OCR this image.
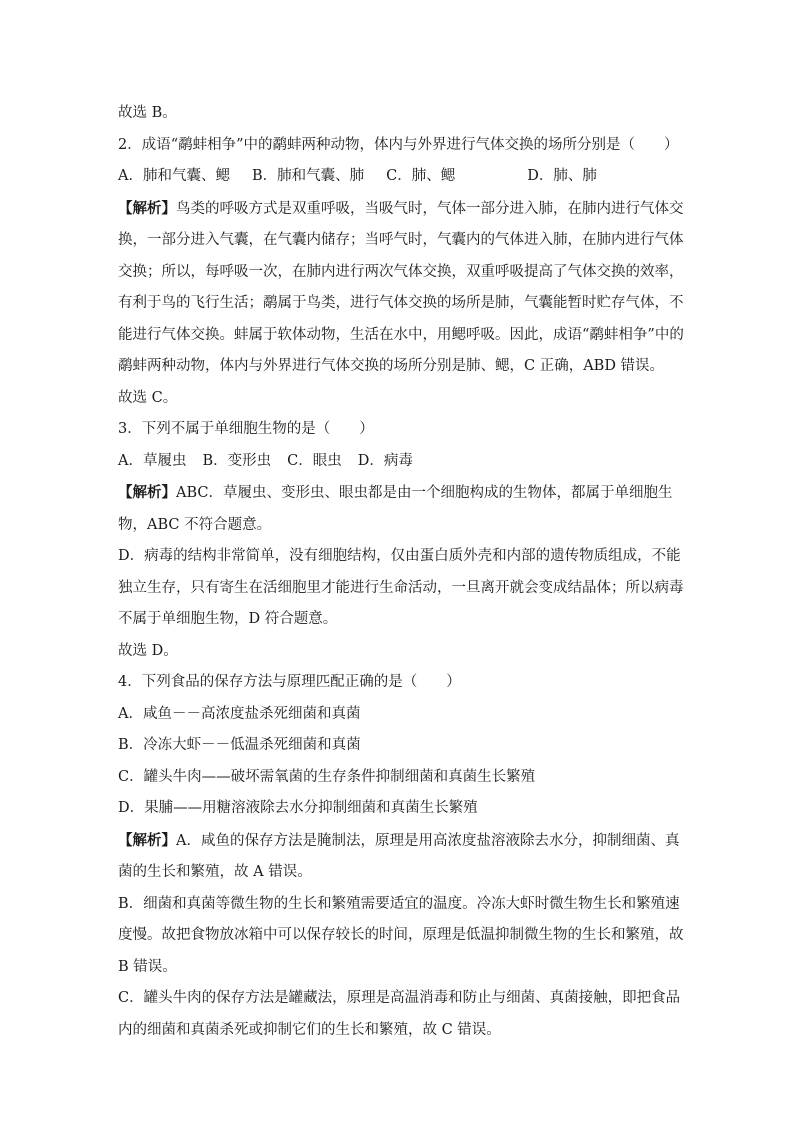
故选 B。

2．成语“鹬蚌相争”中的鹬蚌两种动物，体内与外界进行气体交换的场所分别是（　　）

A．肺和气囊、鳃 B．肺和气囊、肺 C．肺、鳃	D．肺、肺

【解析】鸟类的呼吸方式是双重呼吸，当吸气时，气体一部分进入肺，在肺内进行气体交

换，一部分进入气囊，在气囊内储存；当呼气时，气囊内的气体进入肺，在肺内进行气体

交换；所以，每呼吸一次，在肺内进行两次气体交换，双重呼吸提高了气体交换的效率，

有利于鸟的飞行生活；鹬属于鸟类，进行气体交换的场所是肺，气囊能暂时贮存气体，不

能进行气体交换。蚌属于软体动物，生活在水中，用鳃呼吸。因此，成语“鹬蚌相争”中的

鹬蚌两种动物，体内与外界进行气体交换的场所分别是肺、鳃，C 正确，ABD 错误。

故选 C。

3．下列不属于单细胞生物的是（　　）

A．草履虫 B．变形虫 C．眼虫 D．病毒

【解析】ABC．草履虫、变形虫、眼虫都是由一个细胞构成的生物体，都属于单细胞生

物，ABC 不符合题意。

D．病毒的结构非常简单，没有细胞结构，仅由蛋白质外壳和内部的遗传物质组成，不能

独立生存，只有寄生在活细胞里才能进行生命活动，一旦离开就会变成结晶体；所以病毒

不属于单细胞生物，D 符合题意。

故选 D。

4．下列食品的保存方法与原理匹配正确的是（　　）

A．咸鱼－－高浓度盐杀死细菌和真菌

B．冷冻大虾－－低温杀死细菌和真菌

C．罐头牛肉——破坏需氧菌的生存条件抑制细菌和真菌生长繁殖

D．果脯——用糖溶液除去水分抑制细菌和真菌生长繁殖

【解析】A．咸鱼的保存方法是腌制法，原理是用高浓度盐溶液除去水分，抑制细菌、真

菌的生长和繁殖，故 A 错误。

B．细菌和真菌等微生物的生长和繁殖需要适宜的温度。冷冻大虾时微生物生长和繁殖速

度慢。故把食物放冰箱中可以保存较长的时间，原理是低温抑制微生物的生长和繁殖，故

B 错误。

C．罐头牛肉的保存方法是罐藏法，原理是高温消毒和防止与细菌、真菌接触，即把食品

内的细菌和真菌杀死或抑制它们的生长和繁殖，故 C 错误。
